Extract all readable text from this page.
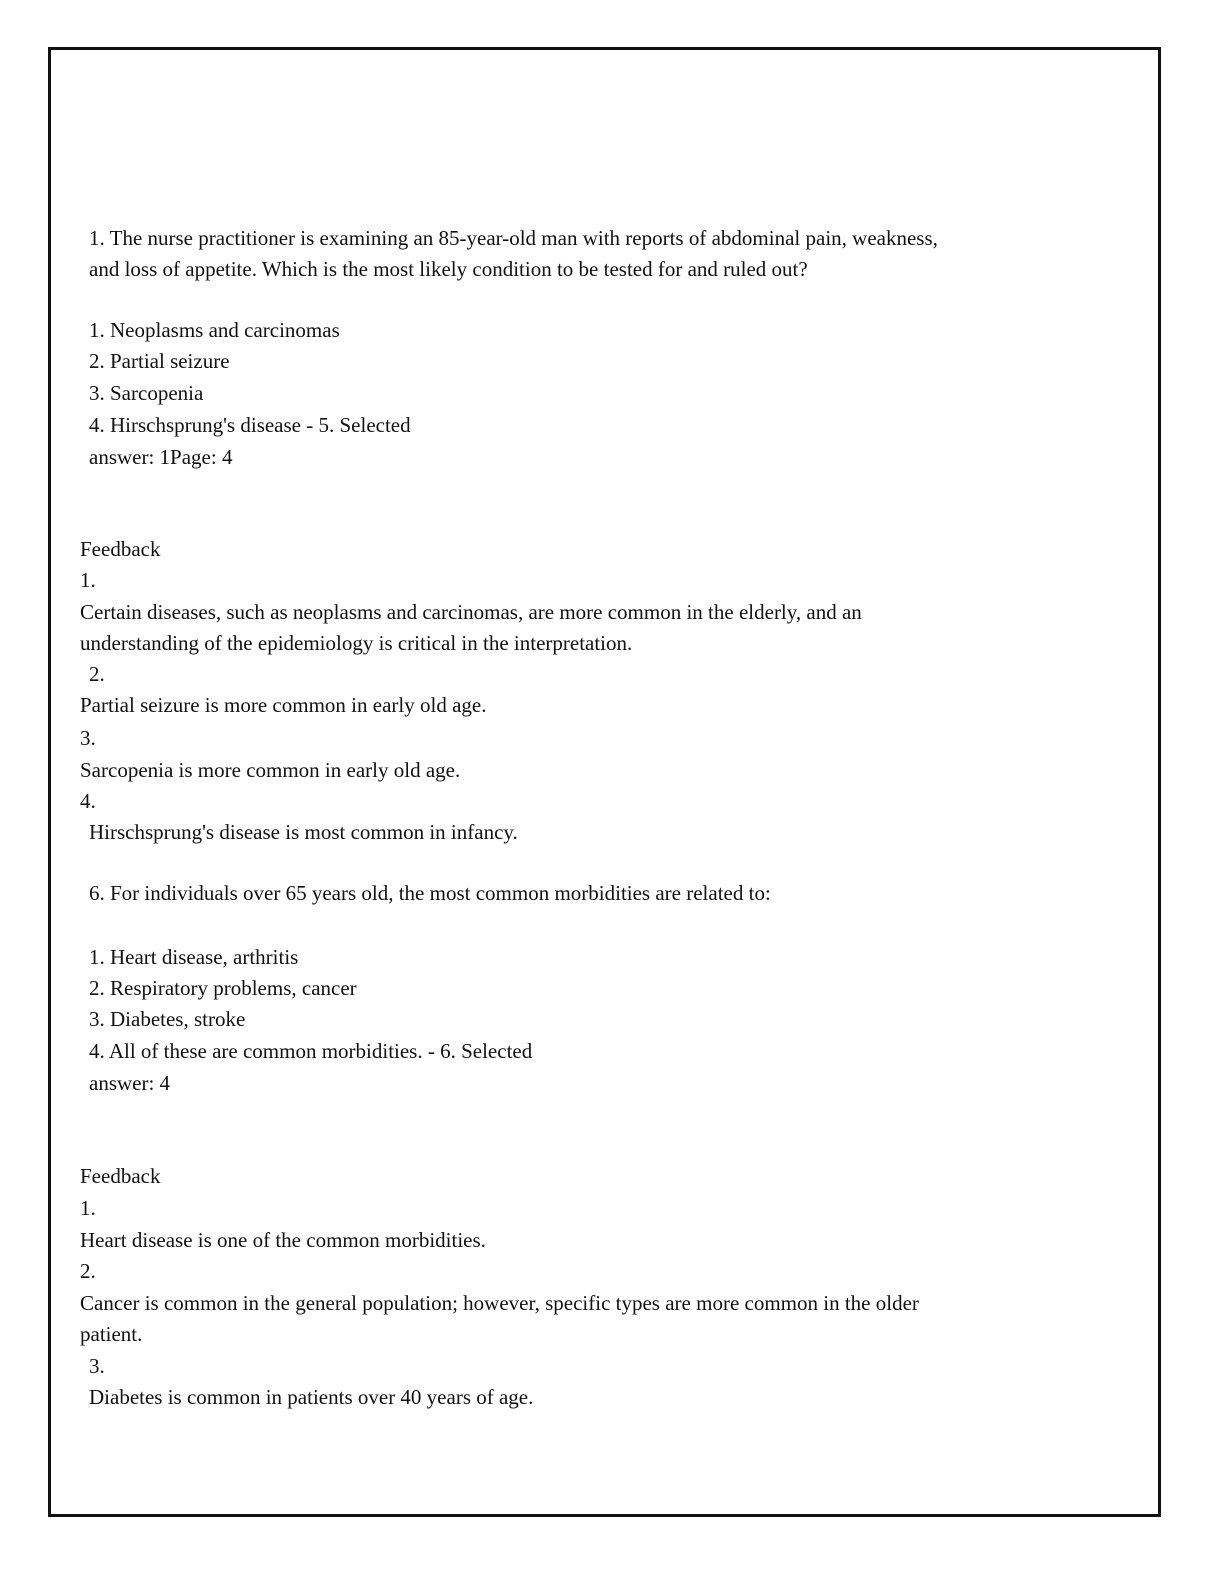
1. The nurse practitioner is examining an 85-year-old man with reports of abdominal pain, weakness,
and loss of appetite. Which is the most likely condition to be tested for and ruled out?
1. Neoplasms and carcinomas
2. Partial seizure
3. Sarcopenia
4. Hirschsprung's disease - 5. Selected
answer: 1Page: 4
Feedback
1.
Certain diseases, such as neoplasms and carcinomas, are more common in the elderly, and an
understanding of the epidemiology is critical in the interpretation.
2.
Partial seizure is more common in early old age.
3.
Sarcopenia is more common in early old age.
4.
Hirschsprung's disease is most common in infancy.
6. For individuals over 65 years old, the most common morbidities are related to:
1. Heart disease, arthritis
2. Respiratory problems, cancer
3. Diabetes, stroke
4. All of these are common morbidities. - 6. Selected
answer: 4
Feedback
1.
Heart disease is one of the common morbidities.
2.
Cancer is common in the general population; however, specific types are more common in the older
patient.
3.
Diabetes is common in patients over 40 years of age.
